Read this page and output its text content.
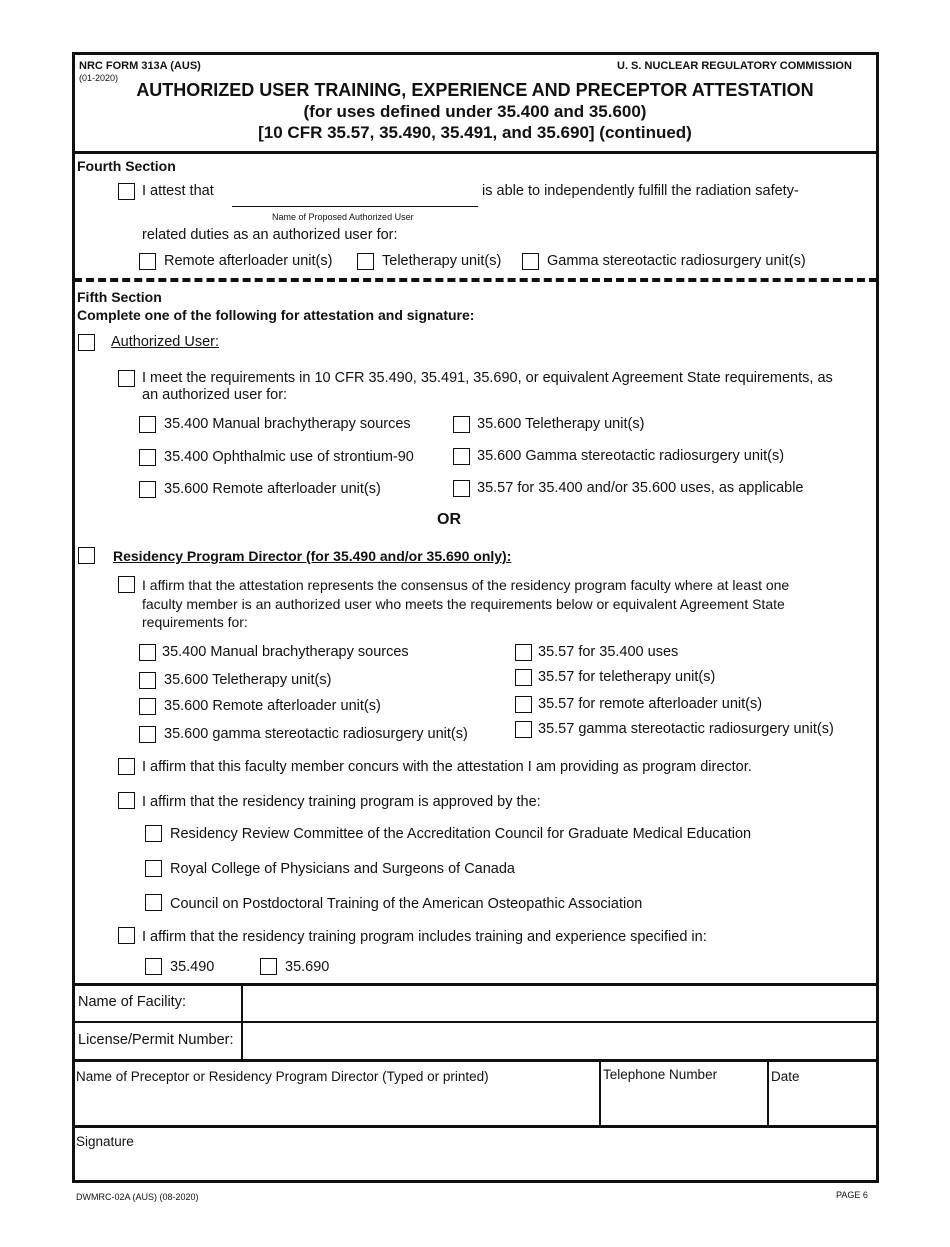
NRC FORM 313A (AUS)
(01-2020)
U. S. NUCLEAR REGULATORY COMMISSION
AUTHORIZED USER TRAINING, EXPERIENCE AND PRECEPTOR ATTESTATION
(for uses defined under 35.400 and 35.600)
[10 CFR 35.57, 35.490, 35.491, and 35.690] (continued)
Fourth Section
I attest that
Name of Proposed Authorized User
is able to independently fulfill the radiation safety-
related duties as an authorized user for:
Remote afterloader unit(s)	Teletherapy unit(s)	Gamma stereotactic radiosurgery unit(s)
Fifth Section
Complete one of the following for attestation and signature:
Authorized User:
I meet the requirements in 10 CFR 35.490, 35.491, 35.690, or equivalent Agreement State requirements, as
an authorized user for:
35.400 Manual brachytherapy sources	35.600 Teletherapy unit(s)
35.400 Ophthalmic use of strontium-90	35.600 Gamma stereotactic radiosurgery unit(s)
35.600 Remote afterloader unit(s)	35.57 for 35.400 and/or 35.600 uses, as applicable
OR
Residency Program Director (for 35.490 and/or 35.690 only):
I affirm that the attestation represents the consensus of the residency program faculty where at least one
faculty member is an authorized user who meets the requirements below or equivalent Agreement State
requirements for:
35.400 Manual brachytherapy sources	35.57 for 35.400 uses
35.600 Teletherapy unit(s)	35.57 for teletherapy unit(s)
35.600 Remote afterloader unit(s)	35.57 for remote afterloader unit(s)
35.600 gamma stereotactic radiosurgery unit(s)	35.57 gamma stereotactic radiosurgery unit(s)
I affirm that this faculty member concurs with the attestation I am providing as program director.
I affirm that the residency training program is approved by the:
Residency Review Committee of the Accreditation Council for Graduate Medical Education
Royal College of Physicians and Surgeons of Canada
Council on Postdoctoral Training of the American Osteopathic Association
I affirm that the residency training program includes training and experience specified in:
35.490	35.690
Name of Facility:
License/Permit Number:
Name of Preceptor or Residency Program Director (Typed or printed)	Telephone Number	Date
Signature
DWMRC-02A (AUS) (08-2020)	PAGE 6
